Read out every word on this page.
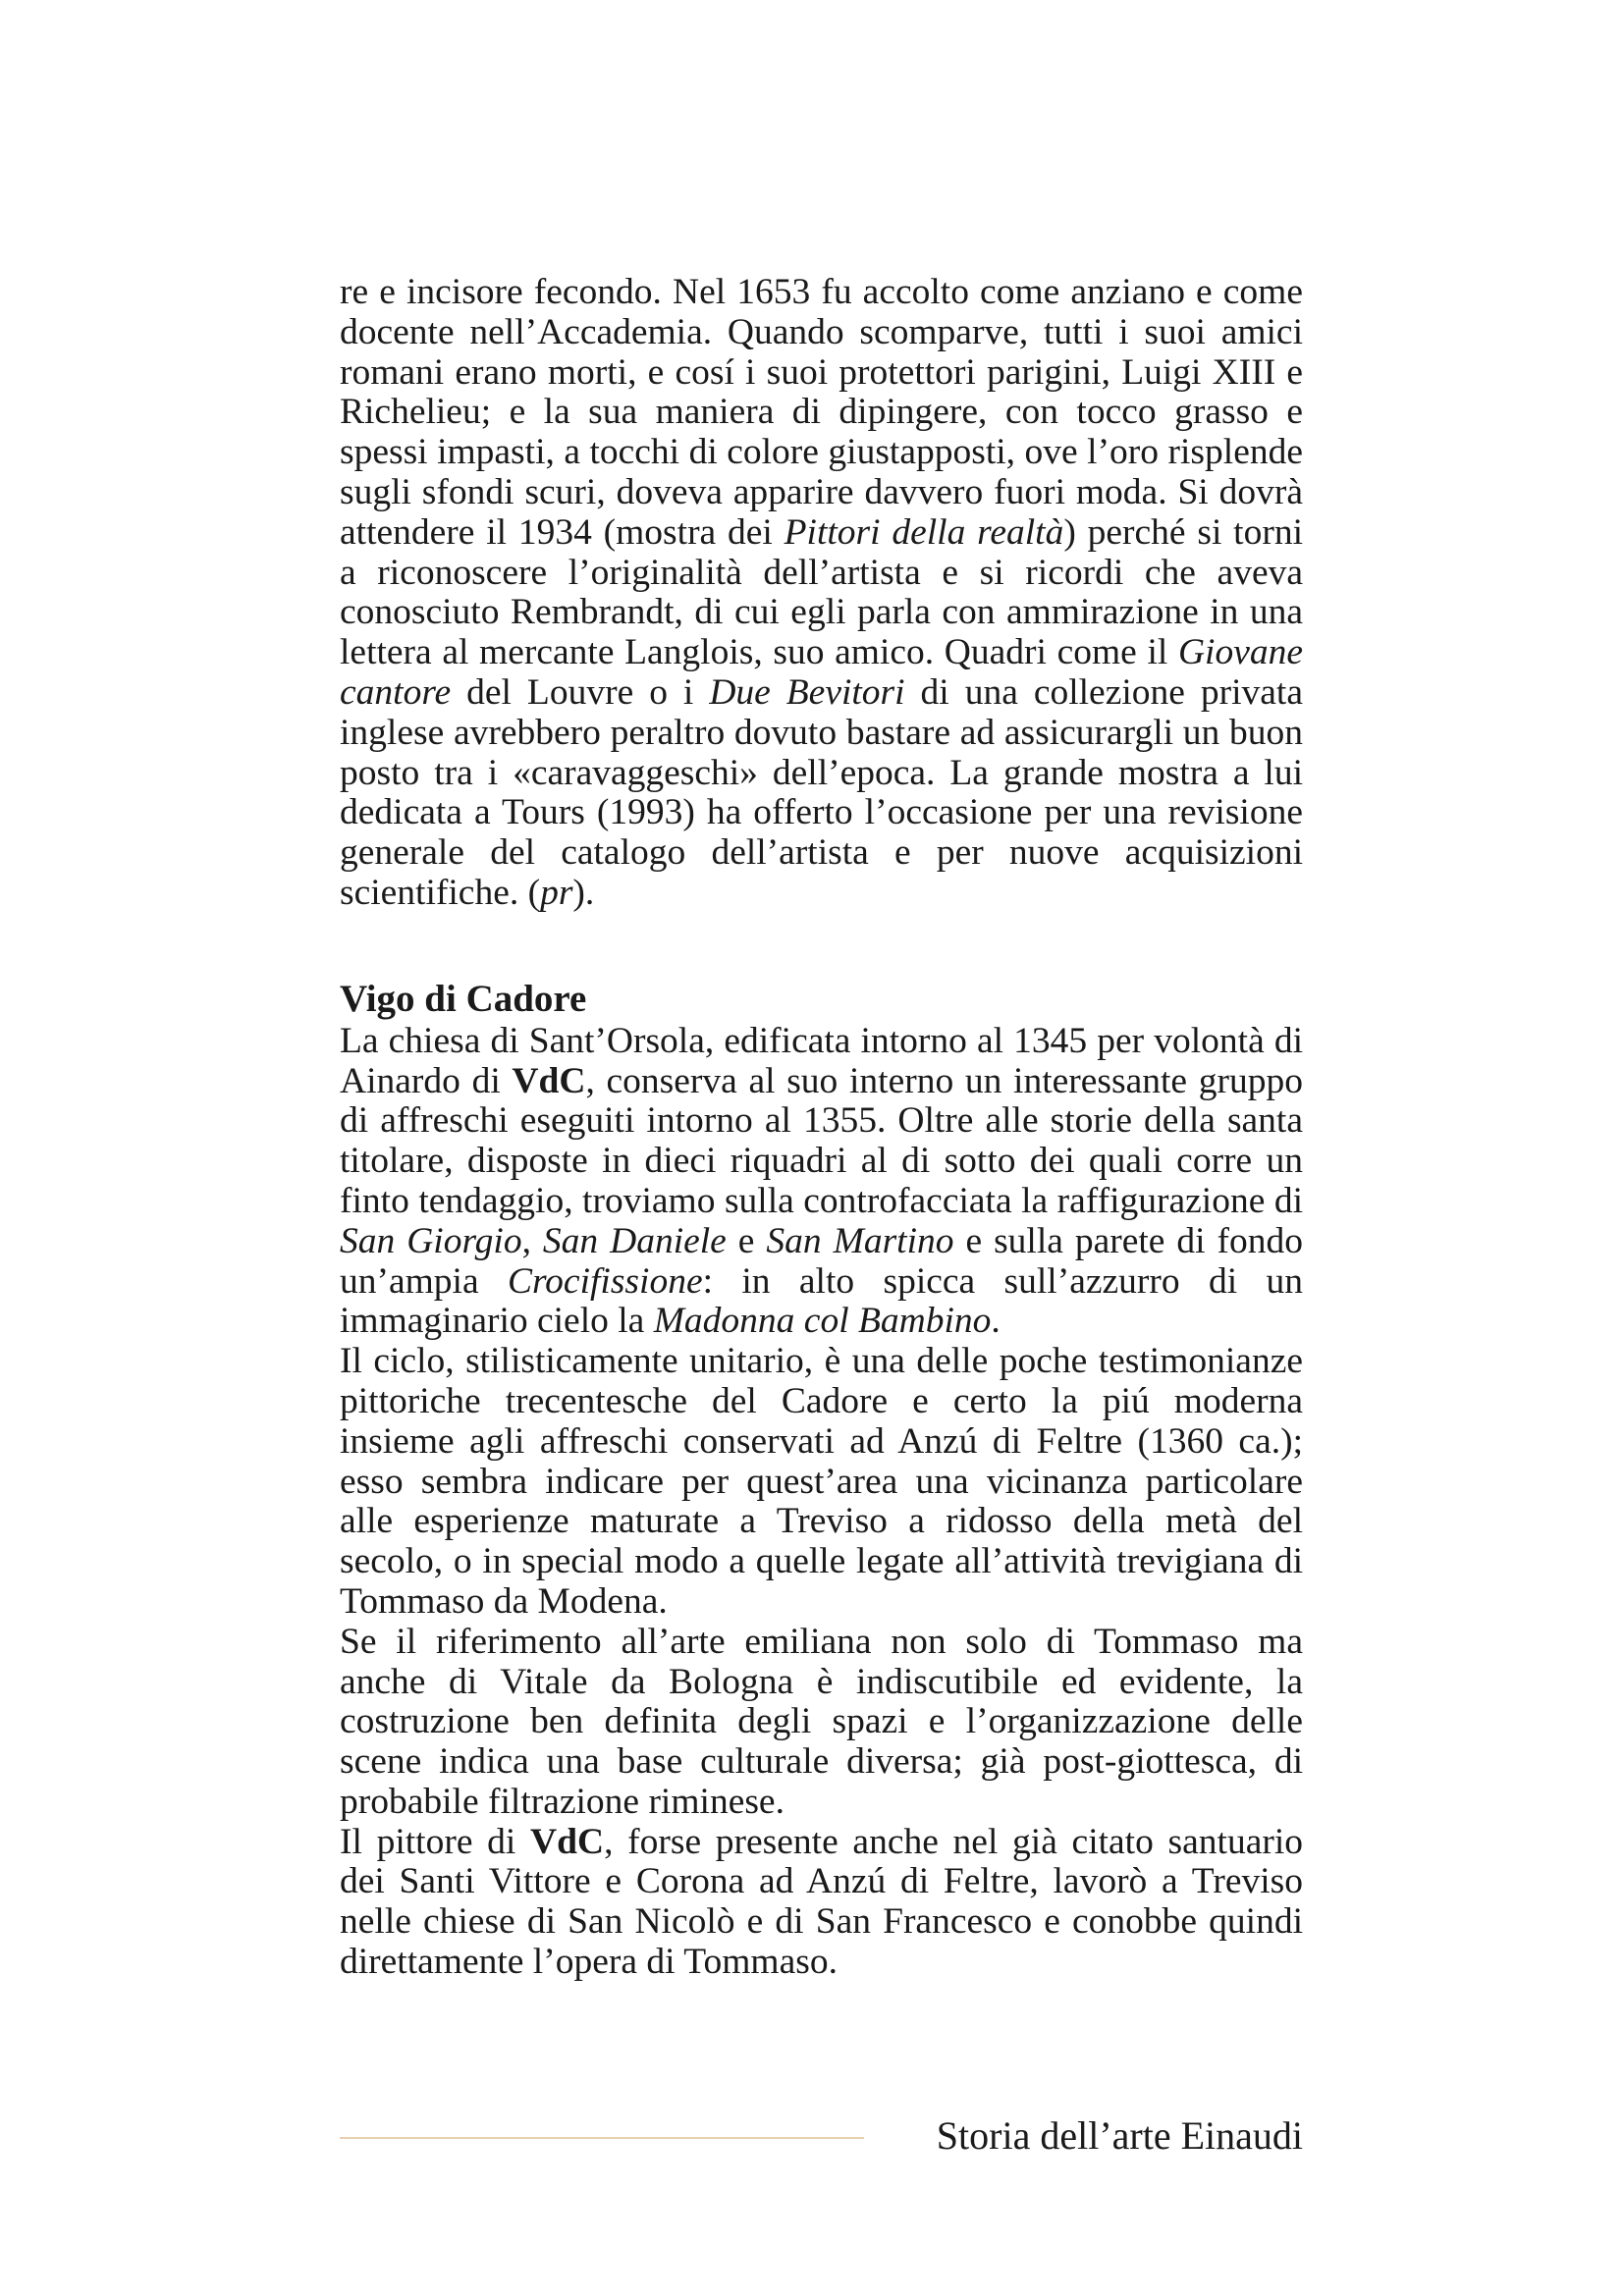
re e incisore fecondo. Nel 1653 fu accolto come anziano e come docente nell’Accademia. Quando scomparve, tutti i suoi amici romani erano morti, e cosí i suoi protettori parigini, Luigi XIII e Richelieu; e la sua maniera di dipingere, con tocco grasso e spessi impasti, a tocchi di colore giustapposti, ove l’oro risplende sugli sfondi scuri, doveva apparire davvero fuori moda. Si dovrà attendere il 1934 (mostra dei Pittori della realtà) perché si torni a riconoscere l’originalità dell’artista e si ricordi che aveva conosciuto Rembrandt, di cui egli parla con ammirazione in una lettera al mercante Langlois, suo amico. Quadri come il Giovane cantore del Louvre o i Due Bevitori di una collezione privata inglese avrebbero peraltro dovuto bastare ad assicurargli un buon posto tra i «caravaggeschi» dell’epoca. La grande mostra a lui dedicata a Tours (1993) ha offerto l’occasione per una revisione generale del catalogo dell’artista e per nuove acquisizioni scientifiche. (pr).

Vigo di Cadore

La chiesa di Sant’Orsola, edificata intorno al 1345 per volontà di Ainardo di VdC, conserva al suo interno un interessante gruppo di affreschi eseguiti intorno al 1355. Oltre alle storie della santa titolare, disposte in dieci riquadri al di sotto dei quali corre un finto tendaggio, troviamo sulla controfacciata la raffigurazione di San Giorgio, San Daniele e San Martino e sulla parete di fondo un’ampia Crocifissione: in alto spicca sull’azzurro di un immaginario cielo la Madonna col Bambino.

Il ciclo, stilisticamente unitario, è una delle poche testimonianze pittoriche trecentesche del Cadore e certo la piú moderna insieme agli affreschi conservati ad Anzú di Feltre (1360 ca.); esso sembra indicare per quest’area una vicinanza particolare alle esperienze maturate a Treviso a ridosso della metà del secolo, o in special modo a quelle legate all’attività trevigiana di Tommaso da Modena.

Se il riferimento all’arte emiliana non solo di Tommaso ma anche di Vitale da Bologna è indiscutibile ed evidente, la costruzione ben definita degli spazi e l’organizzazione delle scene indica una base culturale diversa; già post-giottesca, di probabile filtrazione riminese.

Il pittore di VdC, forse presente anche nel già citato santuario dei Santi Vittore e Corona ad Anzú di Feltre, lavorò a Treviso nelle chiese di San Nicolò e di San Francesco e conobbe quindi direttamente l’opera di Tommaso.

Storia dell’arte Einaudi
